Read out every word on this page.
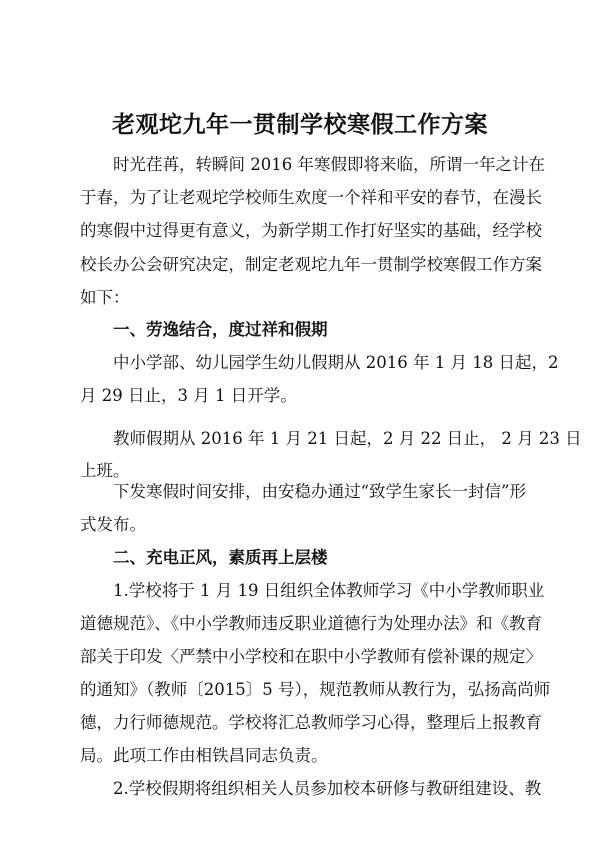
老观坨九年一贯制学校寒假工作方案
时光荏苒，转瞬间 2016 年寒假即将来临，所谓一年之计在
于春，为了让老观坨学校师生欢度一个祥和平安的春节，在漫长
的寒假中过得更有意义，为新学期工作打好坚实的基础，经学校
校长办公会研究决定，制定老观坨九年一贯制学校寒假工作方案
如下：
一、劳逸结合，度过祥和假期
中小学部、幼儿园学生幼儿假期从 2016 年 1 月 18 日起，2
月 29 日止，3 月 1 日开学。
教师假期从 2016 年 1 月 21 日起，2 月 22 日止， 2 月 23 日
上班。
下发寒假时间安排，由安稳办通过“致学生家长一封信”形
式发布。
二、充电正风，素质再上层楼
1.学校将于 1 月 19 日组织全体教师学习《中小学教师职业
道德规范》、《中小学教师违反职业道德行为处理办法》和《教育
部关于印发〈严禁中小学校和在职中小学教师有偿补课的规定〉
的通知》（教师〔2015〕5 号），规范教师从教行为，弘扬高尚师
德，力行师德规范。学校将汇总教师学习心得，整理后上报教育
局。此项工作由相铁昌同志负责。
2.学校假期将组织相关人员参加校本研修与教研组建设、教
